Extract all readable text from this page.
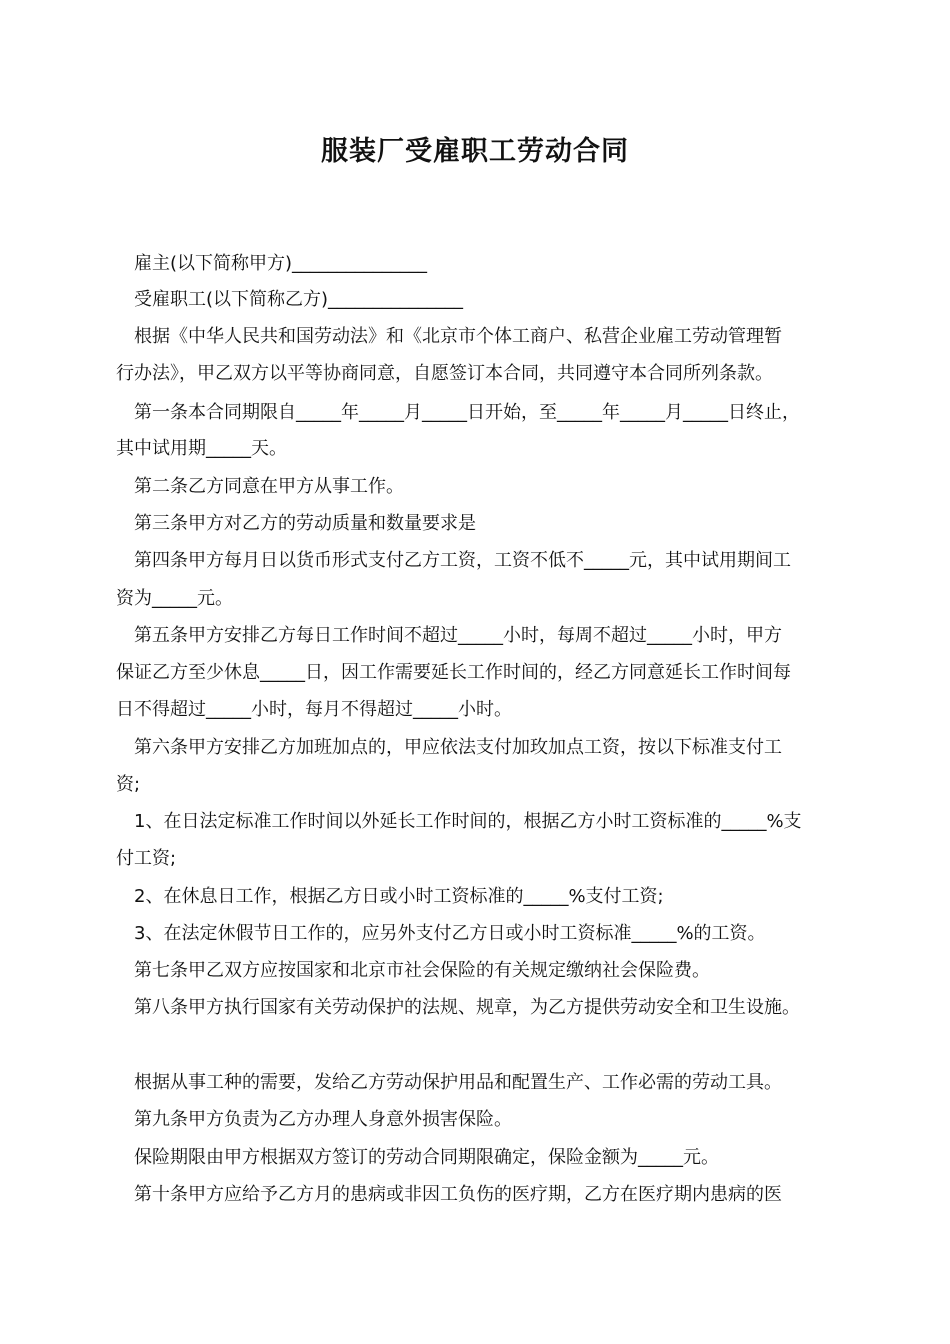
服装厂受雇职工劳动合同
雇主(以下简称甲方)_______________
受雇职工(以下简称乙方)_______________
根据《中华人民共和国劳动法》和《北京市个体工商户、私营企业雇工劳动管理暂
行办法》，甲乙双方以平等协商同意，自愿签订本合同，共同遵守本合同所列条款。
第一条本合同期限自_____年_____月_____日开始，至_____年_____月_____日终止，
其中试用期_____天。
第二条乙方同意在甲方从事工作。
第三条甲方对乙方的劳动质量和数量要求是
第四条甲方每月日以货币形式支付乙方工资，工资不低不_____元，其中试用期间工
资为_____元。
第五条甲方安排乙方每日工作时间不超过_____小时，每周不超过_____小时，甲方
保证乙方至少休息_____日，因工作需要延长工作时间的，经乙方同意延长工作时间每
日不得超过_____小时，每月不得超过_____小时。
第六条甲方安排乙方加班加点的，甲应依法支付加玫加点工资，按以下标准支付工
资;
1、在日法定标准工作时间以外延长工作时间的，根据乙方小时工资标准的_____%支
付工资;
2、在休息日工作，根据乙方日或小时工资标准的_____%支付工资;
3、在法定休假节日工作的，应另外支付乙方日或小时工资标准_____%的工资。
第七条甲乙双方应按国家和北京市社会保险的有关规定缴纳社会保险费。
第八条甲方执行国家有关劳动保护的法规、规章，为乙方提供劳动安全和卫生设施。
根据从事工种的需要，发给乙方劳动保护用品和配置生产、工作必需的劳动工具。
第九条甲方负责为乙方办理人身意外损害保险。
保险期限由甲方根据双方签订的劳动合同期限确定，保险金额为_____元。
第十条甲方应给予乙方月的患病或非因工负伤的医疗期，乙方在医疗期内患病的医
